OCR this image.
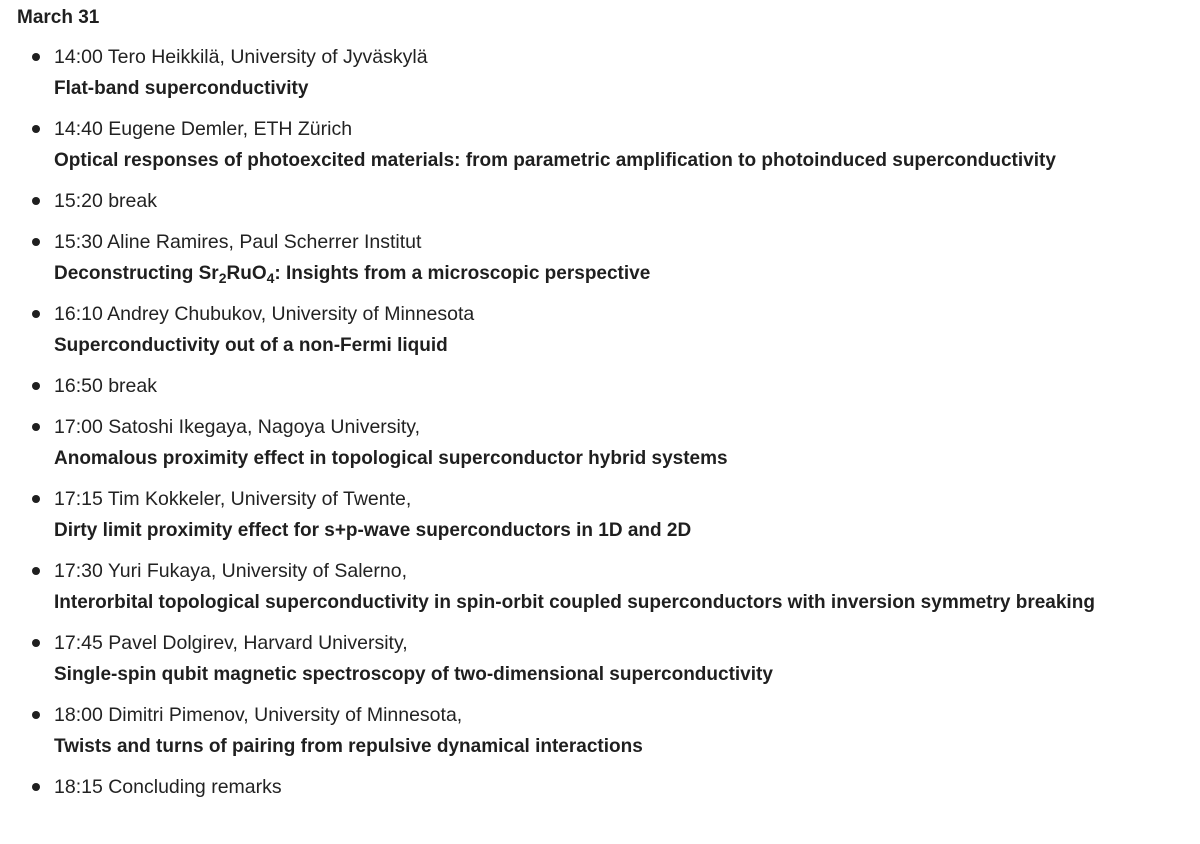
March 31
14:00 Tero Heikkilä, University of Jyväskylä
Flat-band superconductivity
14:40 Eugene Demler, ETH Zürich
Optical responses of photoexcited materials: from parametric amplification to photoinduced superconductivity
15:20 break
15:30 Aline Ramires, Paul Scherrer Institut
Deconstructing $Sr_2RuO_4$: Insights from a microscopic perspective
16:10 Andrey Chubukov, University of Minnesota
Superconductivity out of a non-Fermi liquid
16:50 break
17:00 Satoshi Ikegaya, Nagoya University,
Anomalous proximity effect in topological superconductor hybrid systems
17:15 Tim Kokkeler, University of Twente,
Dirty limit proximity effect for s+p-wave superconductors in 1D and 2D
17:30 Yuri Fukaya, University of Salerno,
Interorbital topological superconductivity in spin-orbit coupled superconductors with inversion symmetry breaking
17:45 Pavel Dolgirev, Harvard University,
Single-spin qubit magnetic spectroscopy of two-dimensional superconductivity
18:00 Dimitri Pimenov, University of Minnesota,
Twists and turns of pairing from repulsive dynamical interactions
18:15 Concluding remarks
